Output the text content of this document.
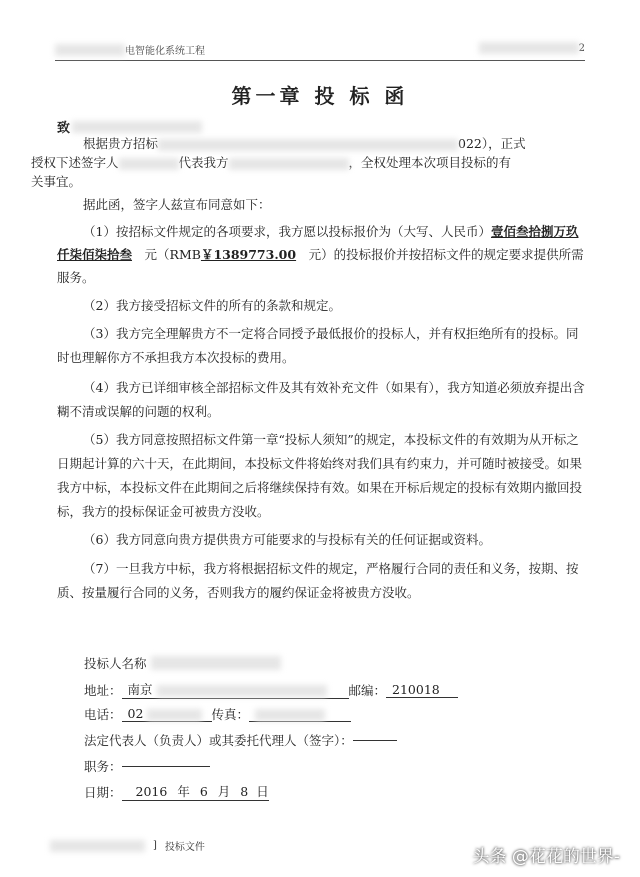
电智能化系统工程	2
第一章 投 标 函
致
根据贵方招标	022），正式
授权下述签字人	代表我方	，全权处理本次项目投标的有
关事宜。
据此函，签字人兹宣布同意如下：
（1）按招标文件规定的各项要求，我方愿以投标报价为（大写、人民币）壹佰叁拾捌万玖仟柒佰柒拾叁　 元（RMB￥1389773.00　 元）的投标报价并按招标文件的规定要求提供所需服务。
（2）我方接受招标文件的所有的条款和规定。
（3）我方完全理解贵方不一定将合同授予最低报价的投标人，并有权拒绝所有的投标。同时也理解你方不承担我方本次投标的费用。
（4）我方已详细审核全部招标文件及其有效补充文件（如果有），我方知道必须放弃提出含糊不清或误解的问题的权利。
（5）我方同意按照招标文件第一章“投标人须知”的规定，本投标文件的有效期为从开标之日期起计算的六十天，在此期间，本投标文件将始终对我们具有约束力，并可随时被接受。如果我方中标，本投标文件在此期间之后将继续保持有效。如果在开标后规定的投标有效期内撤回投标，我方的投标保证金可被贵方没收。
（6）我方同意向贵方提供贵方可能要求的与投标有关的任何证据或资料。
（7）一旦我方中标，我方将根据招标文件的规定，严格履行合同的责任和义务，按期、按质、按量履行合同的义务，否则我方的履约保证金将被贵方没收。
投标人名称
地址： 南京	邮编： 210018
电话： 02	传真：
法定代表人（负责人）或其委托代理人（签字）：
职务：
日期：	2016 年 6 月 8 日
] 投标文件	头条 @花花的世界-
